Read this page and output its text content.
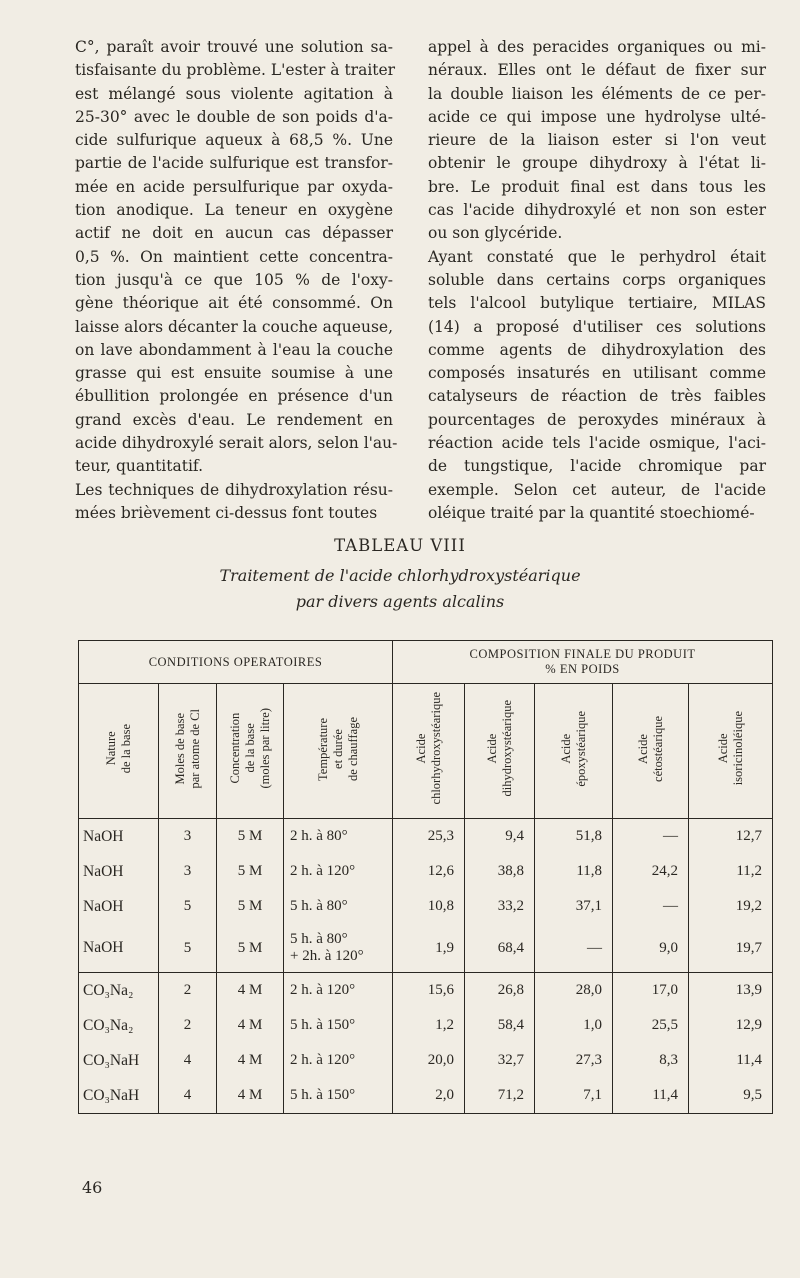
C°, paraît avoir trouvé une solution sa-
tisfaisante du problème. L'ester à traiter
est mélangé sous violente agitation à
25-30° avec le double de son poids d'a-
cide sulfurique aqueux à 68,5 %. Une
partie de l'acide sulfurique est transfor-
mée en acide persulfurique par oxyda-
tion anodique. La teneur en oxygène
actif ne doit en aucun cas dépasser
0,5 %. On maintient cette concentra-
tion jusqu'à ce que 105 % de l'oxy-
gène théorique ait été consommé. On
laisse alors décanter la couche aqueuse,
on lave abondamment à l'eau la couche
grasse qui est ensuite soumise à une
ébullition prolongée en présence d'un
grand excès d'eau. Le rendement en
acide dihydroxylé serait alors, selon l'au-
teur, quantitatif.
Les techniques de dihydroxylation résu-
mées brièvement ci-dessus font toutes
appel à des peracides organiques ou mi-
néraux. Elles ont le défaut de fixer sur
la double liaison les éléments de ce per-
acide ce qui impose une hydrolyse ulté-
rieure de la liaison ester si l'on veut
obtenir le groupe dihydroxy à l'état li-
bre. Le produit final est dans tous les
cas l'acide dihydroxylé et non son ester
ou son glycéride.
Ayant constaté que le perhydrol était
soluble dans certains corps organiques
tels l'alcool butylique tertiaire, MILAS
(14) a proposé d'utiliser ces solutions
comme agents de dihydroxylation des
composés insaturés en utilisant comme
catalyseurs de réaction de très faibles
pourcentages de peroxydes minéraux à
réaction acide tels l'acide osmique, l'aci-
de tungstique, l'acide chromique par
exemple. Selon cet auteur, de l'acide
oléique traité par la quantité stoechiomé-
TABLEAU VIII
Traitement de l'acide chlorhydroxystéarique
par divers agents alcalins
CONDITIONS OPERATOIRES				COMPOSITION FINALE DU PRODUIT
% EN POIDS				

Nature de la base	Moles de base par atome de Cl	Concentration de la base (moles par litre)	Température et durée de chauffage	Acide chlorhydroxystéarique	Acide dihydroxystéarique	Acide époxystéarique	Acide cétostéarique	Acide isoricinoléique

NaOH	3	5 M	2 h. à 80°	25,3	9,4	51,8	—	12,7
NaOH	3	5 M	2 h. à 120°	12,6	38,8	11,8	24,2	11,2
NaOH	5	5 M	5 h. à 80°	10,8	33,2	37,1	—	19,2
NaOH	5	5 M	5 h. à 80°
+ 2h. à 120°	1,9	68,4	—	9,0	19,7
CO₃Na₂	2	4 M	2 h. à 120°	15,6	26,8	28,0	17,0	13,9
CO₃Na₂	2	4 M	5 h. à 150°	1,2	58,4	1,0	25,5	12,9
CO₃NaH	4	4 M	2 h. à 120°	20,0	32,7	27,3	8,3	11,4
CO₃NaH	4	4 M	5 h. à 150°	2,0	71,2	7,1	11,4	9,5
46
